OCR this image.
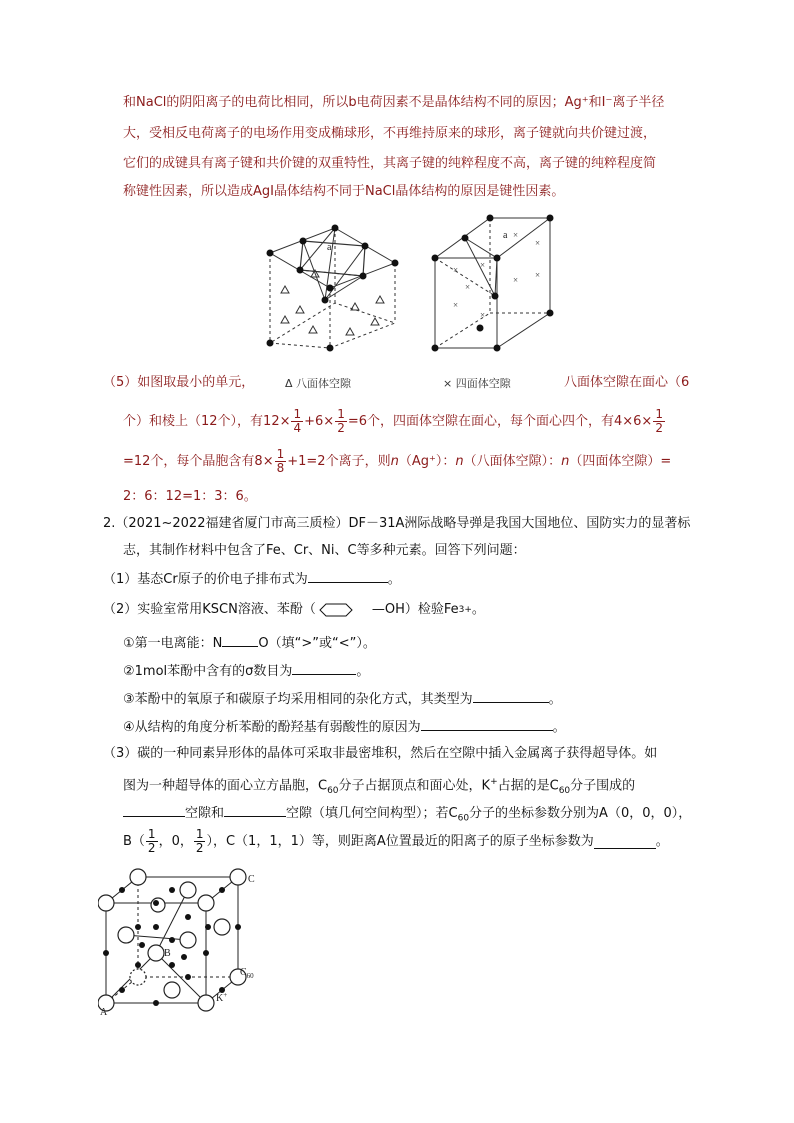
和NaCl的阴阳离子的电荷比相同，所以b电荷因素不是晶体结构不同的原因；Ag⁺和I⁻离子半径
大，受相反电荷离子的电场作用变成椭球形，不再维持原来的球形，离子键就向共价键过渡，
它们的成键具有离子键和共价键的双重特性，其离子键的纯粹程度不高，离子键的纯粹程度简
称键性因素，所以造成AgI晶体结构不同于NaCl晶体结构的原因是键性因素。
a
× ×
×
×
×
×
× ×
×
a
（5）如图取最小的单元，	Δ 八面体空隙	× 四面体空隙	八面体空隙在面心（6
个）和棱上（12个），有$12\times \frac{1}{4} +6\times \frac{1}{2} =6$个，四面体空隙在面心，每个面心四个，有$4\times 6\times \frac{1}{2}$
=12个，每个晶胞含有$8\times \frac{1}{8} +1=2$个离子，则 n （Ag⁺）： n （八面体空隙）： n （四面体空隙）=
2：6：12=1：3：6。
2.（2021~2022福建省厦门市高三质检）DF－31A洲际战略导弹是我国大国地位、国防实力的显著标
志，其制作材料中包含了Fe、Cr、Ni、C等多种元素。回答下列问题：
（1）基态Cr原子的价电子排布式为	。
（2）实验室常用KSCN溶液、苯酚（	—OH ）检验Fe 3+ 。
①第一电离能：N	O（填“>”或“<”）。
②1mol苯酚中含有的σ数目为	。
③苯酚中的氧原子和碳原子均采用相同的杂化方式，其类型为	。
④从结构的角度分析苯酚的酚羟基有弱酸性的原因为	。
（3）碳的一种同素异形体的晶体可采取非最密堆积，然后在空隙中插入金属离子获得超导体。如
图为一种超导体的面心立方晶胞，$C_{60}$分子占据顶点和面心处，K+占据的是$C_{60}$分子围成的
空隙和	空隙（填几何空间构型）；若$C_{60}$分子的坐标参数分别为A（0，0，0），
$B( \frac{1}{2}$ ，0， $\frac{1}{2}$ ），C（1，1，1）等，则距离A位置最近的阳离子的原子坐标参数为	。
C
B
$C_{60}$
K+
A
